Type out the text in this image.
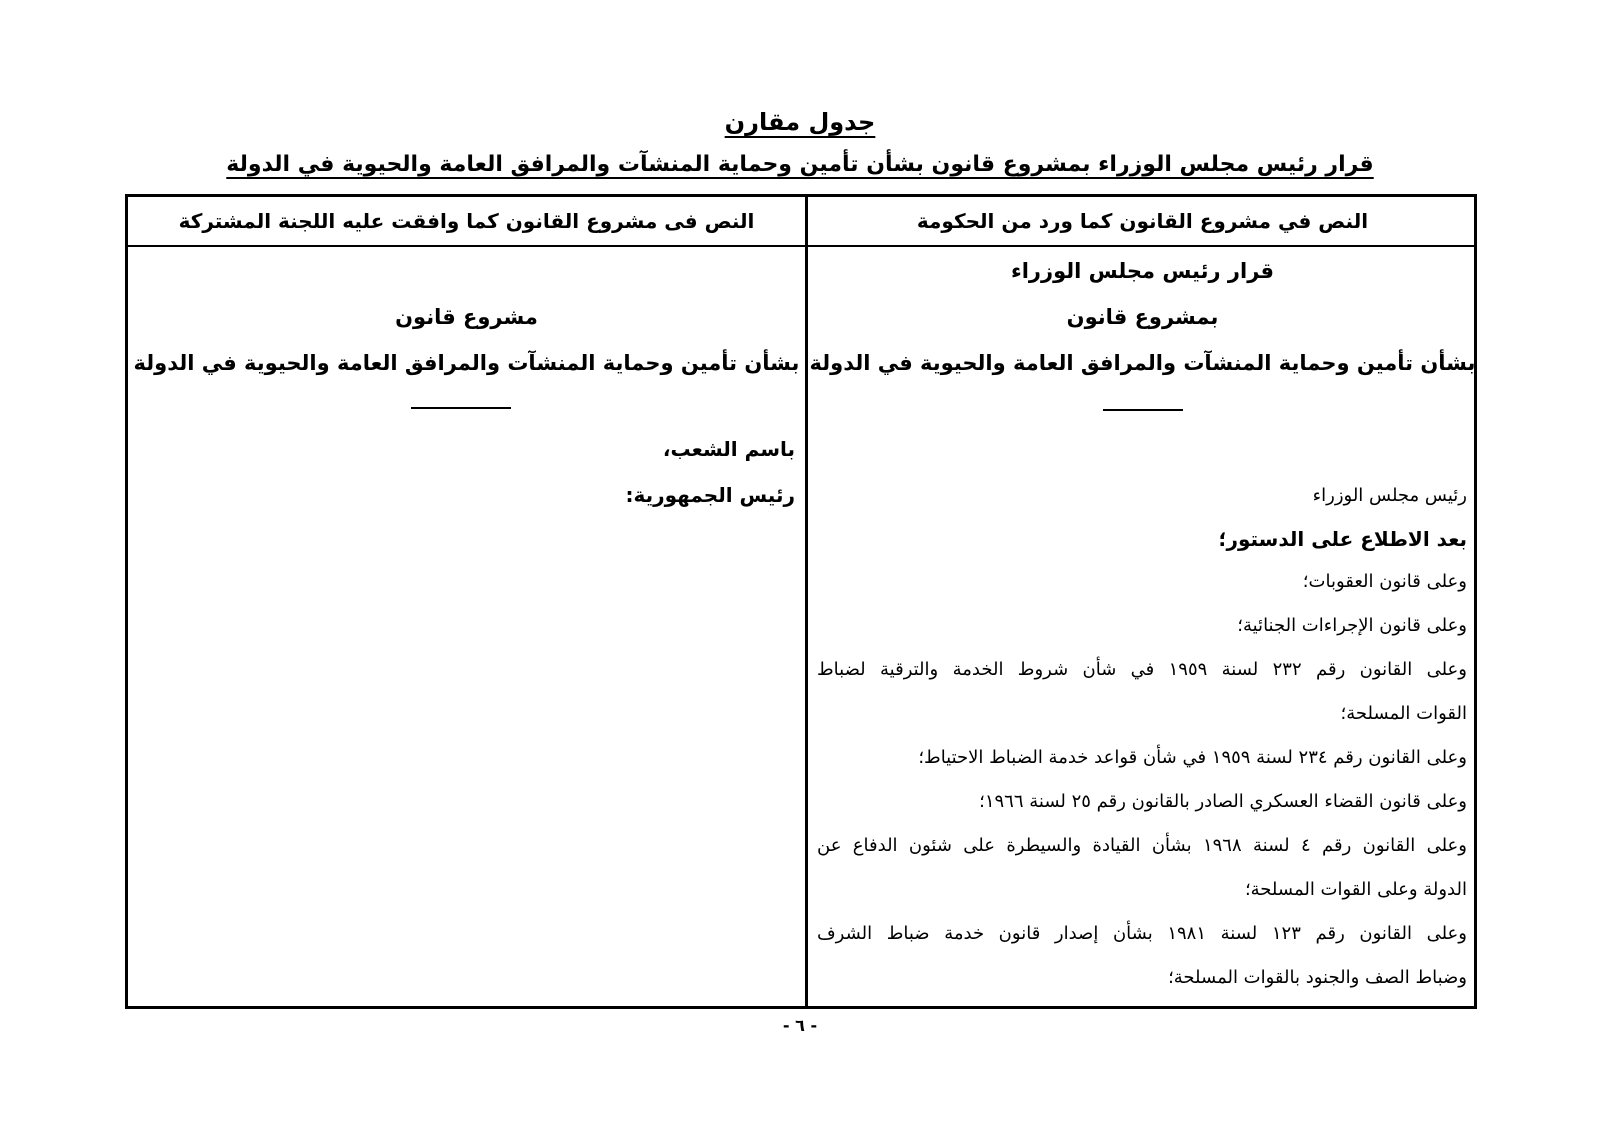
جدول مقارن
قرار رئيس مجلس الوزراء بمشروع قانون بشأن تأمين وحماية المنشآت والمرافق العامة والحيوية في الدولة
النص في مشروع القانون كما ورد من الحكومة
النص فى مشروع القانون كما وافقت عليه اللجنة المشتركة
قرار رئيس مجلس الوزراء
بمشروع قانون
بشأن تأمين وحماية المنشآت والمرافق العامة والحيوية في الدولة
رئيس مجلس الوزراء
بعد الاطلاع على الدستور؛
وعلى قانون العقوبات؛
وعلى قانون الإجراءات الجنائية؛
وعلى القانون رقم ٢٣٢ لسنة ١٩٥٩ في شأن شروط الخدمة والترقية لضباط
القوات المسلحة؛
وعلى القانون رقم ٢٣٤ لسنة ١٩٥٩ في شأن قواعد خدمة الضباط الاحتياط؛
وعلى قانون القضاء العسكري الصادر بالقانون رقم ٢٥ لسنة ١٩٦٦؛
وعلى القانون رقم ٤ لسنة ١٩٦٨ بشأن القيادة والسيطرة على شئون الدفاع عن
الدولة وعلى القوات المسلحة؛
وعلى القانون رقم ١٢٣ لسنة ١٩٨١ بشأن إصدار قانون خدمة ضباط الشرف
وضباط الصف والجنود بالقوات المسلحة؛
مشروع قانون
بشأن تأمين وحماية المنشآت والمرافق العامة والحيوية في الدولة
باسم الشعب،
رئيس الجمهورية:
- ٦ -
